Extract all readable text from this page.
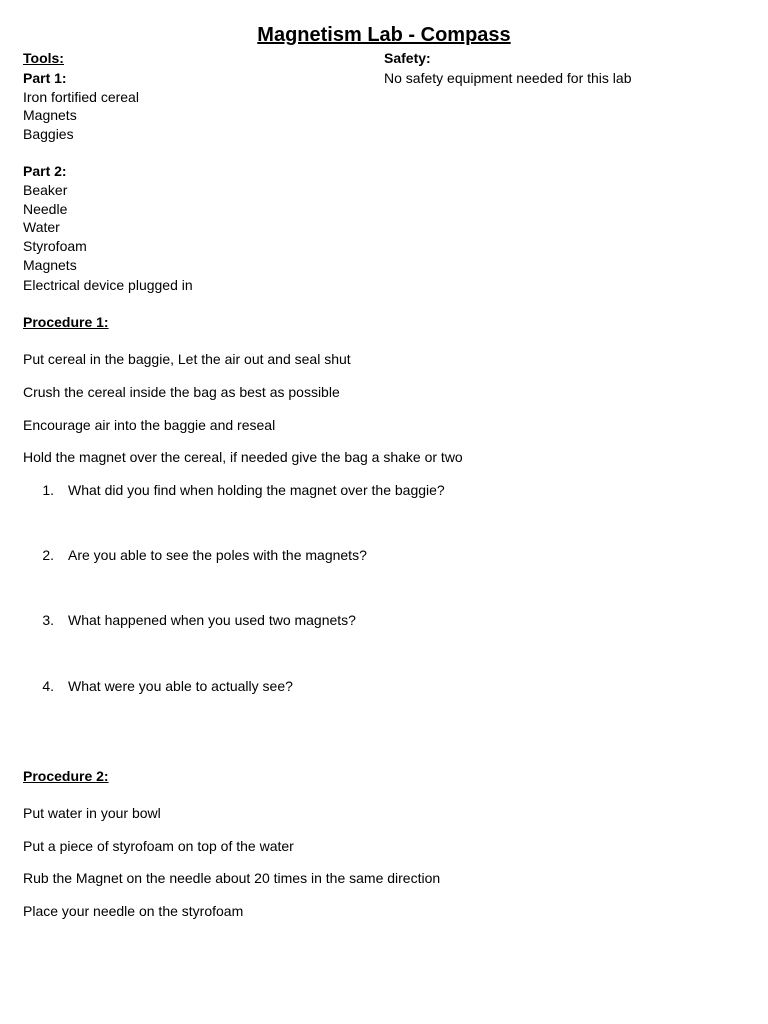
Magnetism Lab - Compass
Tools:	Safety:
No safety equipment needed for this lab
Part 1:
Iron fortified cereal
Magnets
Baggies
Part 2:
Beaker
Needle
Water
Styrofoam
Magnets
Electrical device plugged in
Procedure 1:
Put cereal in the baggie, Let the air out and seal shut
Crush the cereal inside the bag as best as possible
Encourage air into the baggie and reseal
Hold the magnet over the cereal, if needed give the bag a shake or two
1. What did you find when holding the magnet over the baggie?
2. Are you able to see the poles with the magnets?
3. What happened when you used two magnets?
4. What were you able to actually see?
Procedure 2:
Put water in your bowl
Put a piece of styrofoam on top of the water
Rub the Magnet on the needle about 20 times in the same direction
Place your needle on the styrofoam
